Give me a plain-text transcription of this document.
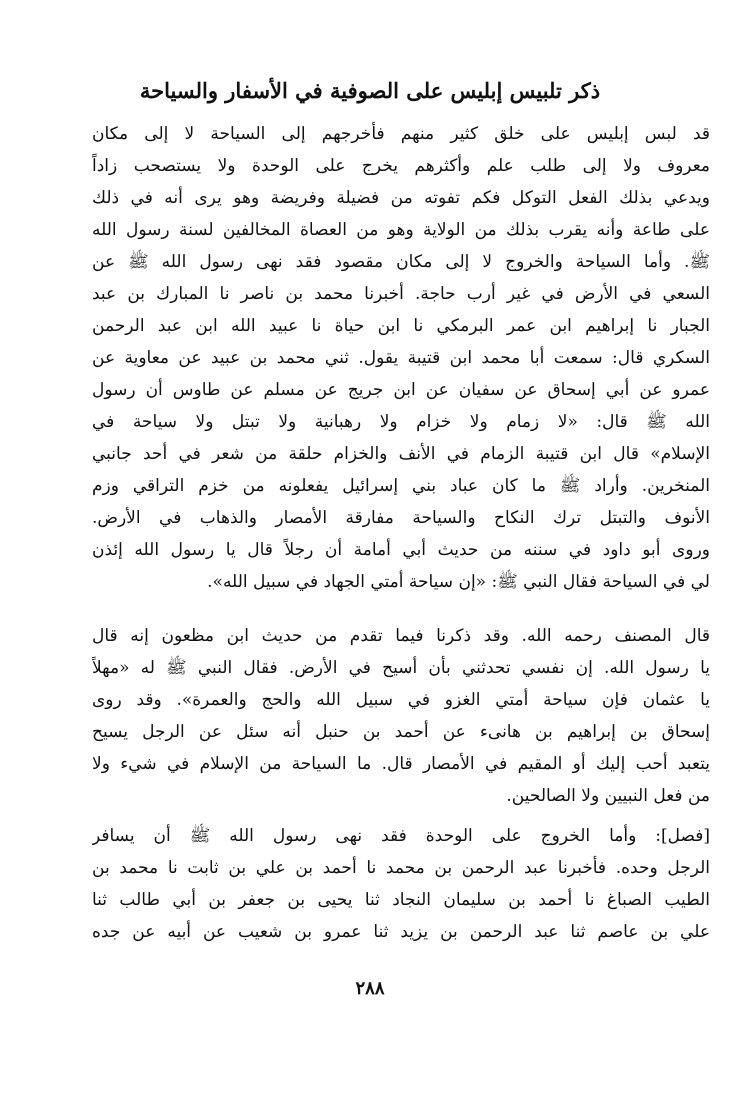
ذكر تلبيس إبليس على الصوفية في الأسفار والسياحة
قد لبس إبليس على خلق كثير منهم فأخرجهم إلى السياحة لا إلى مكان
معروف ولا إلى طلب علم وأكثرهم يخرج على الوحدة ولا يستصحب زاداً
ويدعي بذلك الفعل التوكل فكم تفوته من فضيلة وفريضة وهو يرى أنه في ذلك
على طاعة وأنه يقرب بذلك من الولاية وهو من العصاة المخالفين لسنة رسول الله
ﷺ. وأما السياحة والخروج لا إلى مكان مقصود فقد نهى رسول الله ﷺ عن
السعي في الأرض في غير أرب حاجة. أخبرنا محمد بن ناصر نا المبارك بن عبد
الجبار نا إبراهيم ابن عمر البرمكي نا ابن حياة نا عبيد الله ابن عبد الرحمن
السكري قال: سمعت أبا محمد ابن قتيبة يقول. ثني محمد بن عبيد عن معاوية عن
عمرو عن أبي إسحاق عن سفيان عن ابن جريج عن مسلم عن طاوس أن رسول
الله ﷺ قال: «لا زمام ولا خزام ولا رهبانية ولا تبتل ولا سياحة في
الإسلام» قال ابن قتيبة الزمام في الأنف والخزام حلقة من شعر في أحد جانبي
المنخرين. وأراد ﷺ ما كان عباد بني إسرائيل يفعلونه من خزم التراقي وزم
الأنوف والتبتل ترك النكاح والسياحة مفارقة الأمصار والذهاب في الأرض.
وروى أبو داود في سننه من حديث أبي أمامة أن رجلاً قال يا رسول الله إئذن
لي في السياحة فقال النبي ﷺ: «إن سياحة أمتي الجهاد في سبيل الله».
قال المصنف رحمه الله. وقد ذكرنا فيما تقدم من حديث ابن مظعون إنه قال
يا رسول الله. إن نفسي تحدثني بأن أسيح في الأرض. فقال النبي ﷺ له «مهلاً
يا عثمان فإن سياحة أمتي الغزو في سبيل الله والحج والعمرة». وقد روى
إسحاق بن إبراهيم بن هانىء عن أحمد بن حنبل أنه سئل عن الرجل يسيح
يتعبد أحب إليك أو المقيم في الأمصار قال. ما السياحة من الإسلام في شيء ولا
من فعل النبيين ولا الصالحين.
[فصل]: وأما الخروج على الوحدة فقد نهى رسول الله ﷺ أن يسافر
الرجل وحده. فأخبرنا عبد الرحمن بن محمد نا أحمد بن علي بن ثابت نا محمد بن
الطيب الصباغ نا أحمد بن سليمان النجاد ثنا يحيى بن جعفر بن أبي طالب ثنا
علي بن عاصم ثنا عبد الرحمن بن يزيد ثنا عمرو بن شعيب عن أبيه عن جده
٢٨٨
